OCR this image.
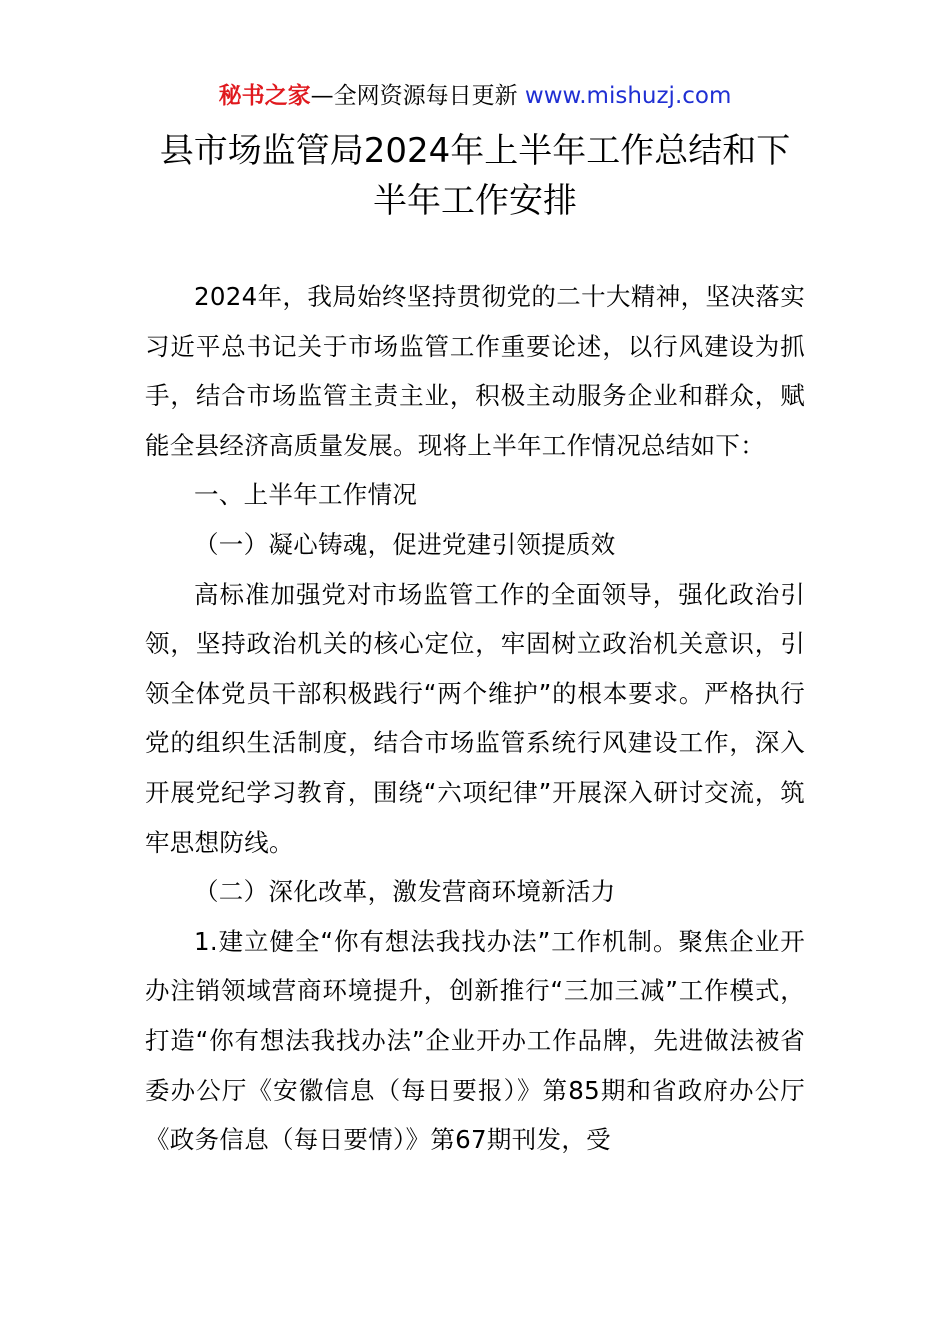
秘书之家—全网资源每日更新 www.mishuzj.com
县市场监管局2024年上半年工作总结和下半年工作安排

2024年，我局始终坚持贯彻党的二十大精神，坚决落实习近平总书记关于市场监管工作重要论述，以行风建设为抓手，结合市场监管主责主业，积极主动服务企业和群众，赋能全县经济高质量发展。现将上半年工作情况总结如下：

一、上半年工作情况

（一）凝心铸魂，促进党建引领提质效

高标准加强党对市场监管工作的全面领导，强化政治引领，坚持政治机关的核心定位，牢固树立政治机关意识，引领全体党员干部积极践行“两个维护”的根本要求。严格执行党的组织生活制度，结合市场监管系统行风建设工作，深入开展党纪学习教育，围绕“六项纪律”开展深入研讨交流，筑牢思想防线。

（二）深化改革，激发营商环境新活力

1.建立健全“你有想法我找办法”工作机制。聚焦企业开办注销领域营商环境提升，创新推行“三加三减”工作模式，打造“你有想法我找办法”企业开办工作品牌，先进做法被省委办公厅《安徽信息（每日要报）》第85期和省政府办公厅《政务信息（每日要情）》第67期刊发，受
